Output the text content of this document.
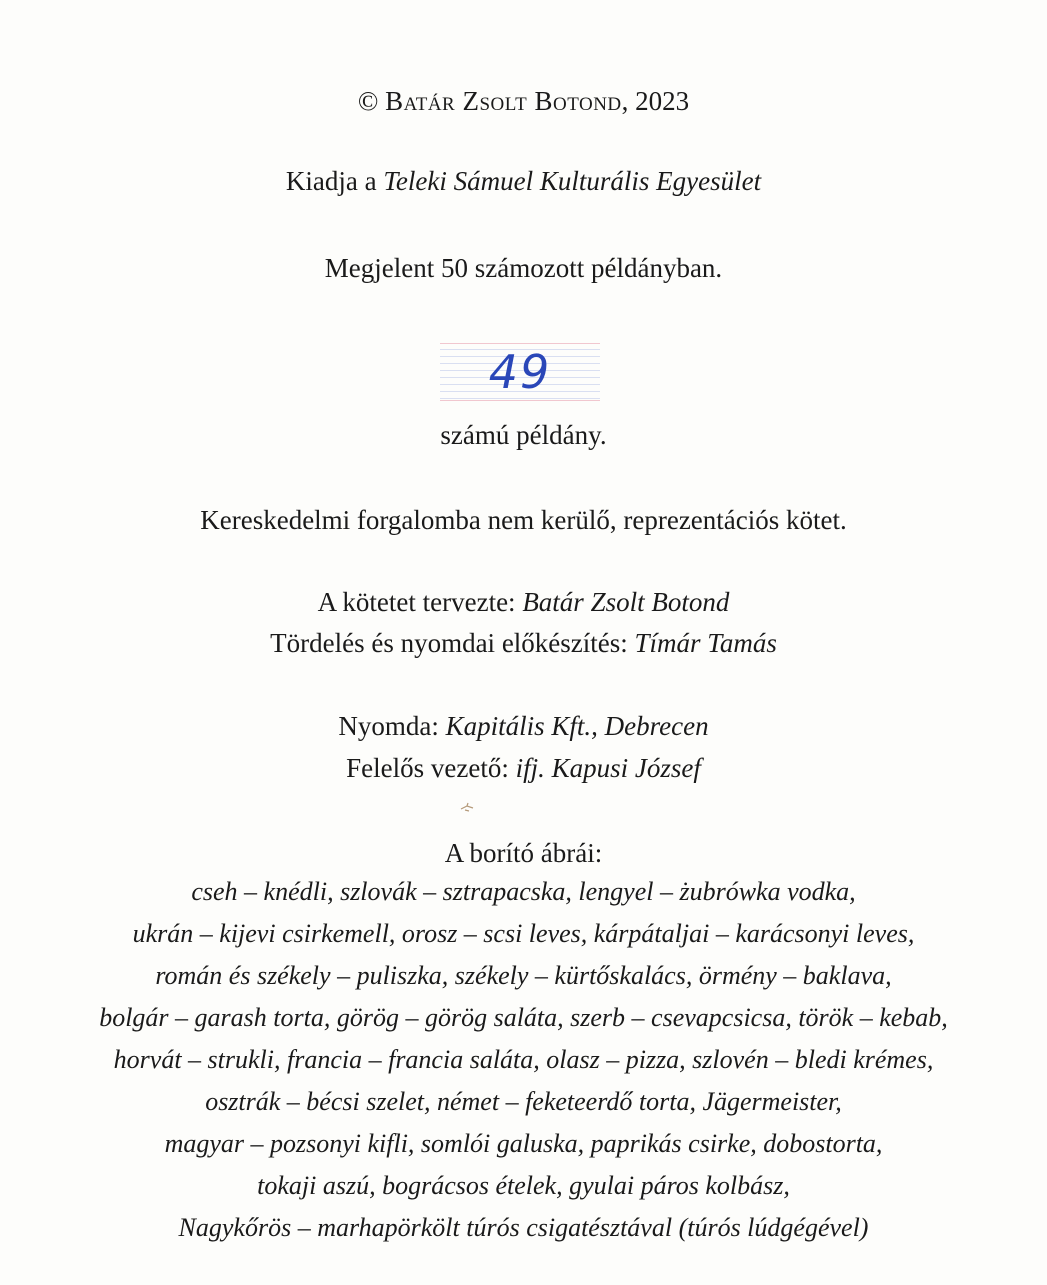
© Batár Zsolt Botond, 2023
Kiadja a Teleki Sámuel Kulturális Egyesület
Megjelent 50 számozott példányban.
49
számú példány.
Kereskedelmi forgalomba nem kerülő, reprezentációs kötet.
A kötetet tervezte: Batár Zsolt Botond
Tördelés és nyomdai előkészítés: Tímár Tamás
Nyomda: Kapitális Kft., Debrecen
Felelős vezető: ifj. Kapusi József
A borító ábrái:
cseh – knédli, szlovák – sztrapacska, lengyel – żubrówka vodka,
ukrán – kijevi csirkemell, orosz – scsi leves, kárpátaljai – karácsonyi leves,
román és székely – puliszka, székely – kürtőskalács, örmény – baklava,
bolgár – garash torta, görög – görög saláta, szerb – csevapcsicsa, török – kebab,
horvát – strukli, francia – francia saláta, olasz – pizza, szlovén – bledi krémes,
osztrák – bécsi szelet, német – feketeerdő torta, Jägermeister,
magyar – pozsonyi kifli, somlói galuska, paprikás csirke, dobostorta,
tokaji aszú, bográcsos ételek, gyulai páros kolbász,
Nagykőrös – marhapörkölt túrós csigatésztával (túrós lúdgégével)
